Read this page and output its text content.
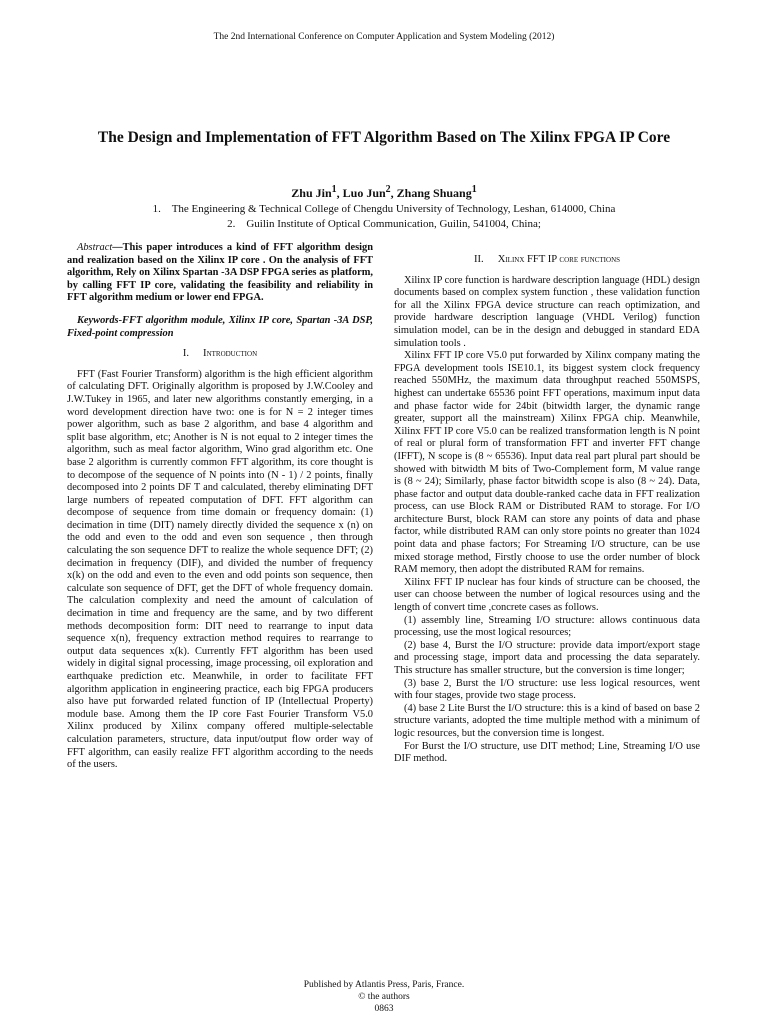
The 2nd International Conference on Computer Application and System Modeling (2012)
The Design and Implementation of FFT Algorithm Based on The Xilinx FPGA IP Core
Zhu Jin$^1$, Luo Jun$^2$, Zhang Shuang$^1$
1.    The Engineering & Technical College of Chengdu University of Technology, Leshan, 614000, China
2.    Guilin Institute of Optical Communication, Guilin, 541004, China;

Abstract—This paper introduces a kind of FFT algorithm design and realization based on the Xilinx IP core . On the analysis of FFT algorithm, Rely on Xilinx Spartan -3A DSP FPGA series as platform, by calling FFT IP core, validating the feasibility and reliability in FFT algorithm medium or lower end FPGA.

Keywords-FFT algorithm module, Xilinx IP core, Spartan -3A DSP, Fixed-point compression

I. Introduction

FFT (Fast Fourier Transform) algorithm is the high efficient algorithm of calculating DFT. Originally algorithm is proposed by J.W.Cooley and J.W.Tukey in 1965, and later new algorithms constantly emerging, in a word development direction have two: one is for N = 2 integer times power algorithm, such as base 2 algorithm, and base 4 algorithm and split base algorithm, etc; Another is N is not equal to 2 integer times the algorithm, such as meal factor algorithm, Wino grad algorithm etc. One base 2 algorithm is currently common FFT algorithm, its core thought is to decompose of the sequence of N points into (N - 1) / 2 points, finally decomposed into 2 points DF T and calculated, thereby eliminating DFT large numbers of repeated computation of DFT. FFT algorithm can decompose of sequence from time domain or frequency domain: (1) decimation in time (DIT) namely directly divided the sequence x (n) on the odd and even to the odd and even son sequence , then through calculating the son sequence DFT to realize the whole sequence DFT; (2) decimation in frequency (DIF), and divided the number of frequency x(k) on the odd and even to the even and odd points son sequence, then calculate son sequence of DFT, get the DFT of whole frequency domain. The calculation complexity and need the amount of calculation of decimation in time and frequency are the same, and by two different methods decomposition form: DIT need to rearrange to input data sequence x(n), frequency extraction method requires to rearrange to output data sequences x(k). Currently FFT algorithm has been used widely in digital signal processing, image processing, oil exploration and earthquake prediction etc. Meanwhile, in order to facilitate FFT algorithm application in engineering practice, each big FPGA producers also have put forwarded related function of IP (Intellectual Property) module base. Among them the IP core Fast Fourier Transform V5.0 Xilinx produced by Xilinx company offered multiple-selectable calculation parameters, structure, data input/output flow order way of FFT algorithm, can easily realize FFT algorithm according to the needs of the users.

II. Xilinx FFT IP core functions

Xilinx IP core function is hardware description language (HDL) design documents based on complex system function , these validation function for all the Xilinx FPGA device structure can reach optimization, and provide hardware description language (VHDL Verilog) function simulation model, can be in the design and debugged in standard EDA simulation tools .

Xilinx FFT IP core V5.0 put forwarded by Xilinx company mating the FPGA development tools ISE10.1, its biggest system clock frequency reached 550MHz, the maximum data throughput reached 550MSPS, highest can undertake 65536 point FFT operations, maximum input data and phase factor wide for 24bit (bitwidth larger, the dynamic range greater, support all the mainstream) Xilinx FPGA chip. Meanwhile, Xilinx FFT IP core V5.0 can be realized transformation length is N point of real or plural form of transformation FFT and inverter FFT change (IFFT), N scope is (8 ~ 65536). Input data real part plural part should be showed with bitwidth M bits of Two-Complement form, M value range is (8 ~ 24); Similarly, phase factor bitwidth scope is also (8 ~ 24). Data, phase factor and output data double-ranked cache data in FFT realization process, can use Block RAM or Distributed RAM to storage. For I/O architecture Burst, block RAM can store any points of data and phase factor, while distributed RAM can only store points no greater than 1024 point data and phase factors; For Streaming I/O structure, can be use mixed storage method, Firstly choose to use the order number of block RAM memory, then adopt the distributed RAM for remains.

Xilinx FFT IP nuclear has four kinds of structure can be choosed, the user can choose between the number of logical resources using and the length of convert time ,concrete cases as follows.

(1) assembly line, Streaming I/O structure: allows continuous data processing, use the most logical resources;

(2) base 4, Burst the I/O structure: provide data import/export stage and processing stage, import data and processing the data separately. This structure has smaller structure, but the conversion is time longer;

(3) base 2, Burst the I/O structure: use less logical resources, went with four stages, provide two stage process.

(4) base 2 Lite Burst the I/O structure: this is a kind of based on base 2 structure variants, adopted the time multiple method with a minimum of logic resources, but the conversion time is longest.

For Burst the I/O structure, use DIT method; Line, Streaming I/O use DIF method.

Published by Atlantis Press, Paris, France.
© the authors
0863
